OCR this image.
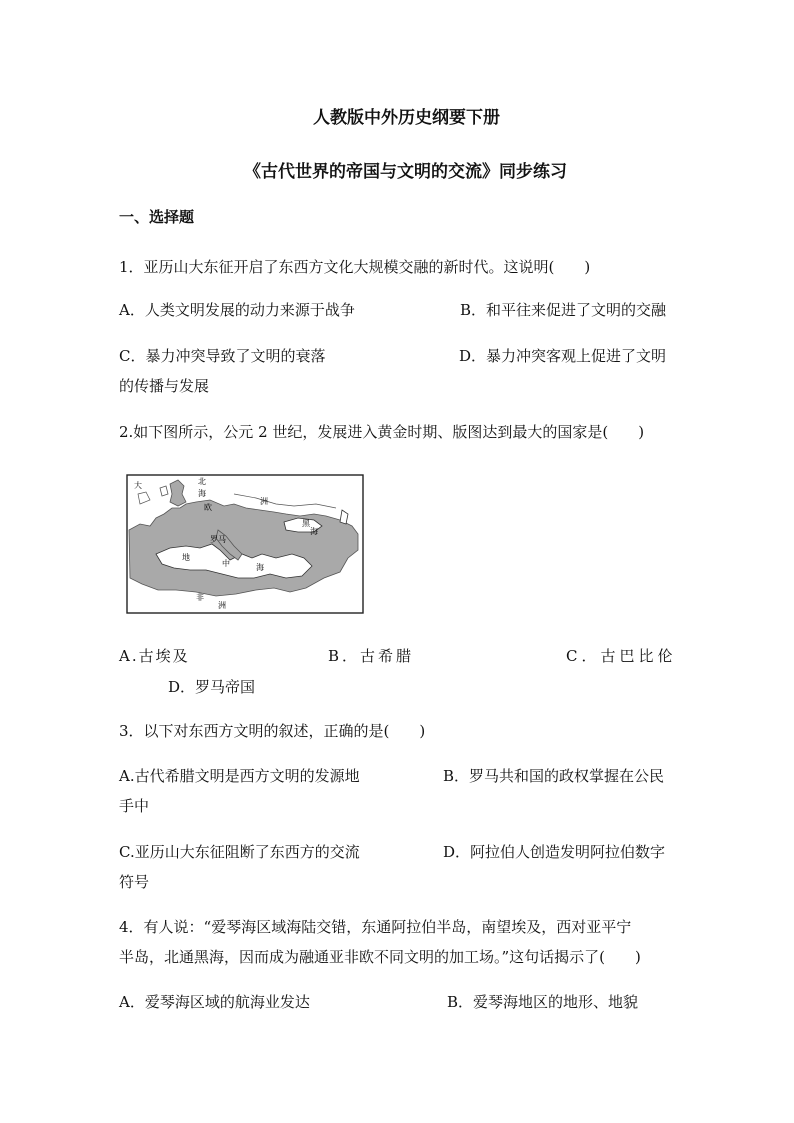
人教版中外历史纲要下册
《古代世界的帝国与文明的交流》同步练习
一、选择题
1．亚历山大东征开启了东西方文化大规模交融的新时代。这说明(　　)
A．人类文明发展的动力来源于战争	B．和平往来促进了文明的交融
C．暴力冲突导致了文明的衰落	D．暴力冲突客观上促进了文明
的传播与发展
2.如下图所示，公元 2 世纪，发展进入黄金时期、版图达到最大的国家是(　　)
大	北
海
欧
洲
黑
海
罗马
地
中	海
非
洲
A.古埃及	B．古希腊	C．古巴比伦
D．罗马帝国
3．以下对东西方文明的叙述，正确的是(　　)
A.古代希腊文明是西方文明的发源地	B．罗马共和国的政权掌握在公民
手中
C.亚历山大东征阻断了东西方的交流	D．阿拉伯人创造发明阿拉伯数字
符号
4．有人说：“爱琴海区域海陆交错，东通阿拉伯半岛，南望埃及，西对亚平宁
半岛，北通黑海，因而成为融通亚非欧不同文明的加工场。”这句话揭示了(　　)
A．爱琴海区域的航海业发达	B．爱琴海地区的地形、地貌
